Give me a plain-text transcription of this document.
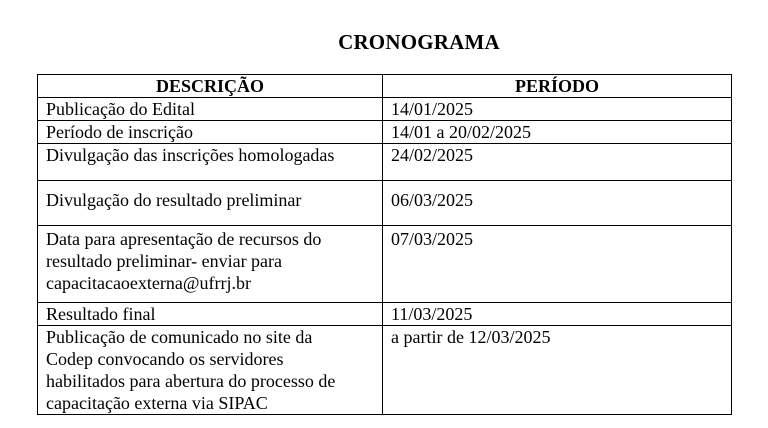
CRONOGRAMA
DESCRIÇÃO	PERÍODO

Publicação do Edital	14/01/2025

Período de inscrição	14/01 a 20/02/2025

Divulgação das inscrições homologadas	24/02/2025

Divulgação do resultado preliminar	06/03/2025

Data para apresentação de recursos do
resultado preliminar- enviar para
capacitacaoexterna@ufrrj.br	07/03/2025

Resultado final	11/03/2025

Publicação de comunicado no site da
Codep convocando os servidores
habilitados para abertura do processo de
capacitação externa via SIPAC	a partir de 12/03/2025
